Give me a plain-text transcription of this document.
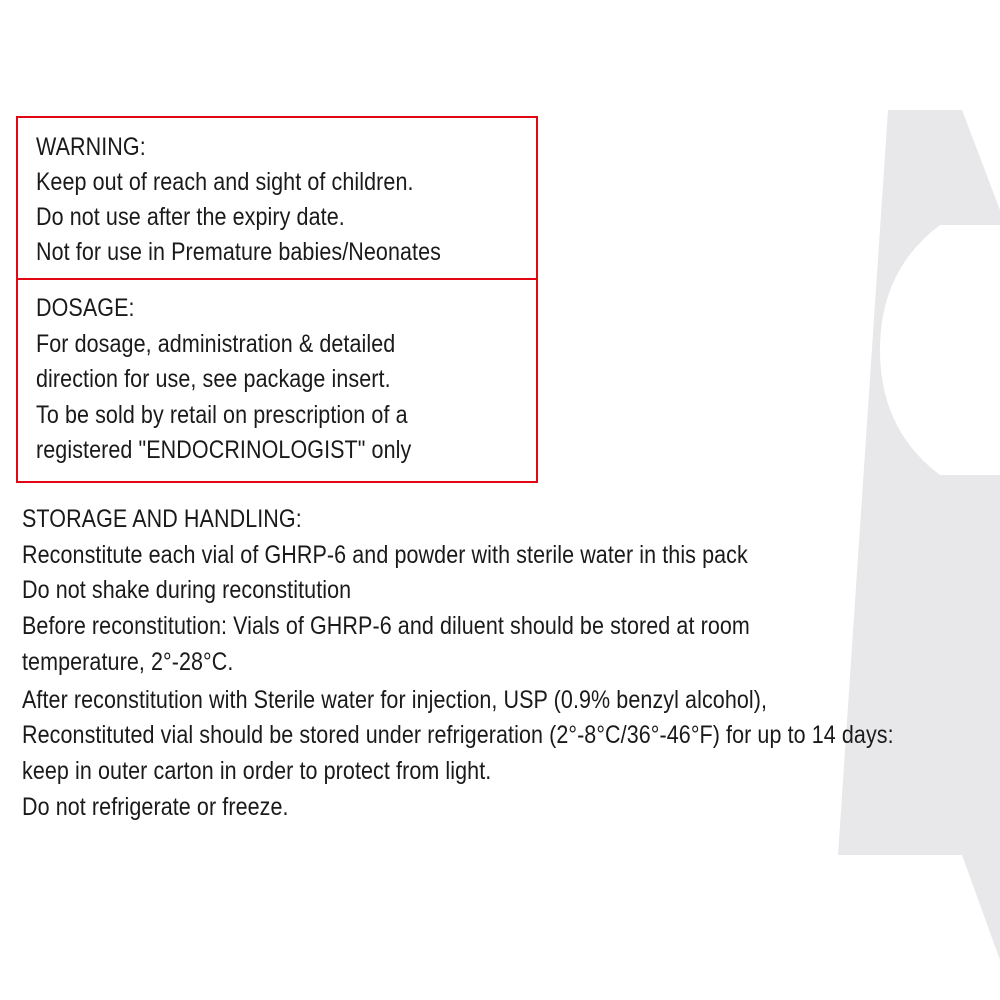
WARNING:
Keep out of reach and sight of children.
Do not use after the expiry date.
Not for use in Premature babies/Neonates
DOSAGE:
For dosage, administration & detailed
direction for use, see package insert.
To be sold by retail on prescription of a
registered "ENDOCRINOLOGIST" only
STORAGE AND HANDLING:
Reconstitute each vial of GHRP-6 and powder with sterile water in this pack
Do not shake during reconstitution
Before reconstitution: Vials of GHRP-6 and diluent should be stored at room
temperature, 2°-28°C.
After reconstitution with Sterile water for injection, USP (0.9% benzyl alcohol),
Reconstituted vial should be stored under refrigeration (2°-8°C/36°-46°F) for up to 14 days:
keep in outer carton in order to protect from light.
Do not refrigerate or freeze.
